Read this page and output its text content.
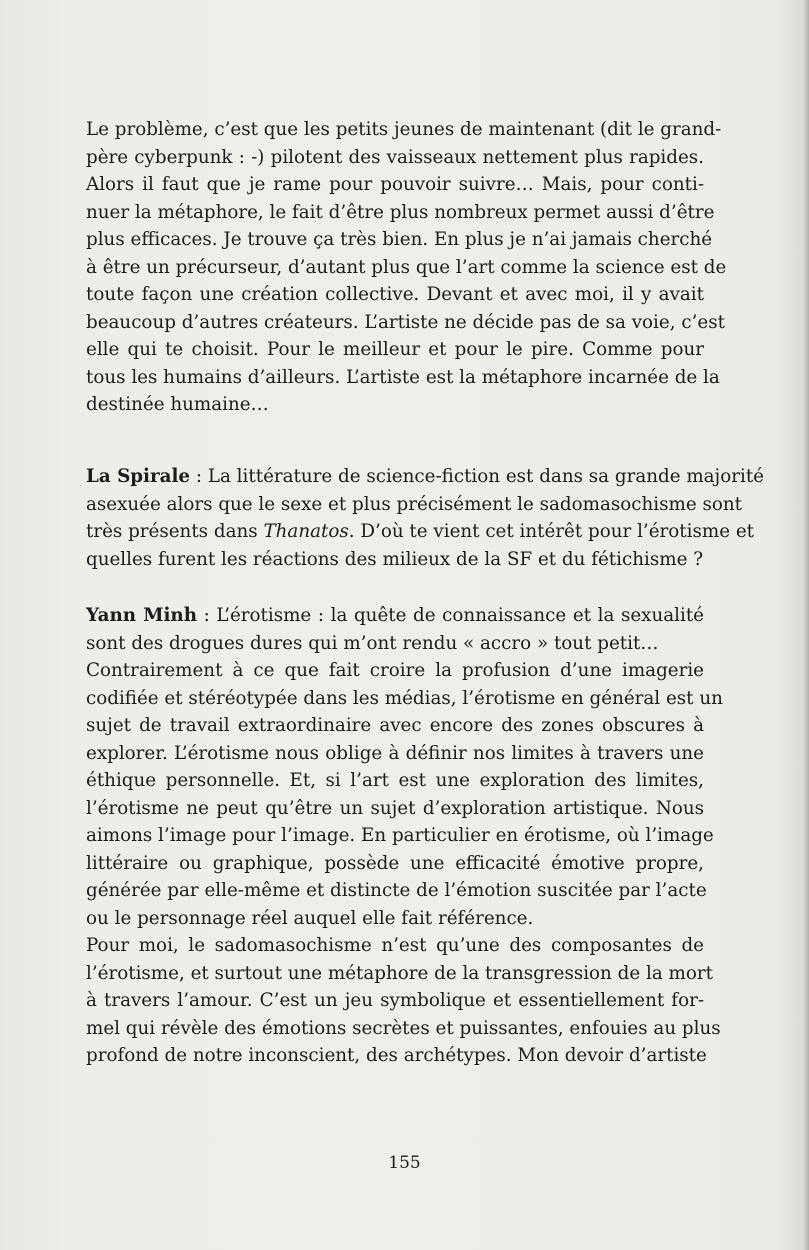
Le problème, c’est que les petits jeunes de maintenant (dit le grand-
père cyberpunk : -) pilotent des vaisseaux nettement plus rapides.
Alors il faut que je rame pour pouvoir suivre… Mais, pour conti-
nuer la métaphore, le fait d’être plus nombreux permet aussi d’être
plus efficaces. Je trouve ça très bien. En plus je n’ai jamais cherché
à être un précurseur, d’autant plus que l’art comme la science est de
toute façon une création collective. Devant et avec moi, il y avait
beaucoup d’autres créateurs. L’artiste ne décide pas de sa voie, c’est
elle qui te choisit. Pour le meilleur et pour le pire. Comme pour
tous les humains d’ailleurs. L’artiste est la métaphore incarnée de la
destinée humaine…
La Spirale : La littérature de science-fiction est dans sa grande majorité
asexuée alors que le sexe et plus précisément le sadomasochisme sont
très présents dans Thanatos. D’où te vient cet intérêt pour l’érotisme et
quelles furent les réactions des milieux de la SF et du fétichisme ?
Yann Minh : L’érotisme : la quête de connaissance et la sexualité
sont des drogues dures qui m’ont rendu « accro » tout petit…
Contrairement à ce que fait croire la profusion d’une imagerie
codifiée et stéréotypée dans les médias, l’érotisme en général est un
sujet de travail extraordinaire avec encore des zones obscures à
explorer. L’érotisme nous oblige à définir nos limites à travers une
éthique personnelle. Et, si l’art est une exploration des limites,
l’érotisme ne peut qu’être un sujet d’exploration artistique. Nous
aimons l’image pour l’image. En particulier en érotisme, où l’image
littéraire ou graphique, possède une efficacité émotive propre,
générée par elle-même et distincte de l’émotion suscitée par l’acte
ou le personnage réel auquel elle fait référence.
Pour moi, le sadomasochisme n’est qu’une des composantes de
l’érotisme, et surtout une métaphore de la transgression de la mort
à travers l’amour. C’est un jeu symbolique et essentiellement for-
mel qui révèle des émotions secrètes et puissantes, enfouies au plus
profond de notre inconscient, des archétypes. Mon devoir d’artiste
155
